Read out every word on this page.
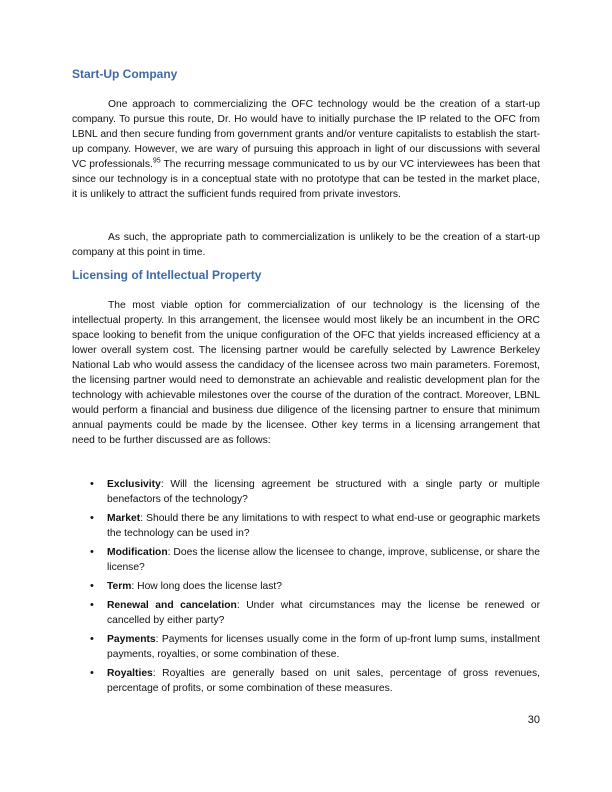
Start-Up Company

One approach to commercializing the OFC technology would be the creation of a start-up company. To pursue this route, Dr. Ho would have to initially purchase the IP related to the OFC from LBNL and then secure funding from government grants and/or venture capitalists to establish the start-up company. However, we are wary of pursuing this approach in light of our discussions with several VC professionals.$^{95}$ The recurring message communicated to us by our VC interviewees has been that since our technology is in a conceptual state with no prototype that can be tested in the market place, it is unlikely to attract the sufficient funds required from private investors.

As such, the appropriate path to commercialization is unlikely to be the creation of a start-up company at this point in time.

Licensing of Intellectual Property

The most viable option for commercialization of our technology is the licensing of the intellectual property. In this arrangement, the licensee would most likely be an incumbent in the ORC space looking to benefit from the unique configuration of the OFC that yields increased efficiency at a lower overall system cost. The licensing partner would be carefully selected by Lawrence Berkeley National Lab who would assess the candidacy of the licensee across two main parameters. Foremost, the licensing partner would need to demonstrate an achievable and realistic development plan for the technology with achievable milestones over the course of the duration of the contract. Moreover, LBNL would perform a financial and business due diligence of the licensing partner to ensure that minimum annual payments could be made by the licensee. Other key terms in a licensing arrangement that need to be further discussed are as follows:

• Exclusivity: Will the licensing agreement be structured with a single party or multiple benefactors of the technology?
• Market: Should there be any limitations to with respect to what end-use or geographic markets the technology can be used in?
• Modification: Does the license allow the licensee to change, improve, sublicense, or share the license?
• Term: How long does the license last?
• Renewal and cancelation: Under what circumstances may the license be renewed or cancelled by either party?
• Payments: Payments for licenses usually come in the form of up-front lump sums, installment payments, royalties, or some combination of these.
• Royalties: Royalties are generally based on unit sales, percentage of gross revenues, percentage of profits, or some combination of these measures.
30
